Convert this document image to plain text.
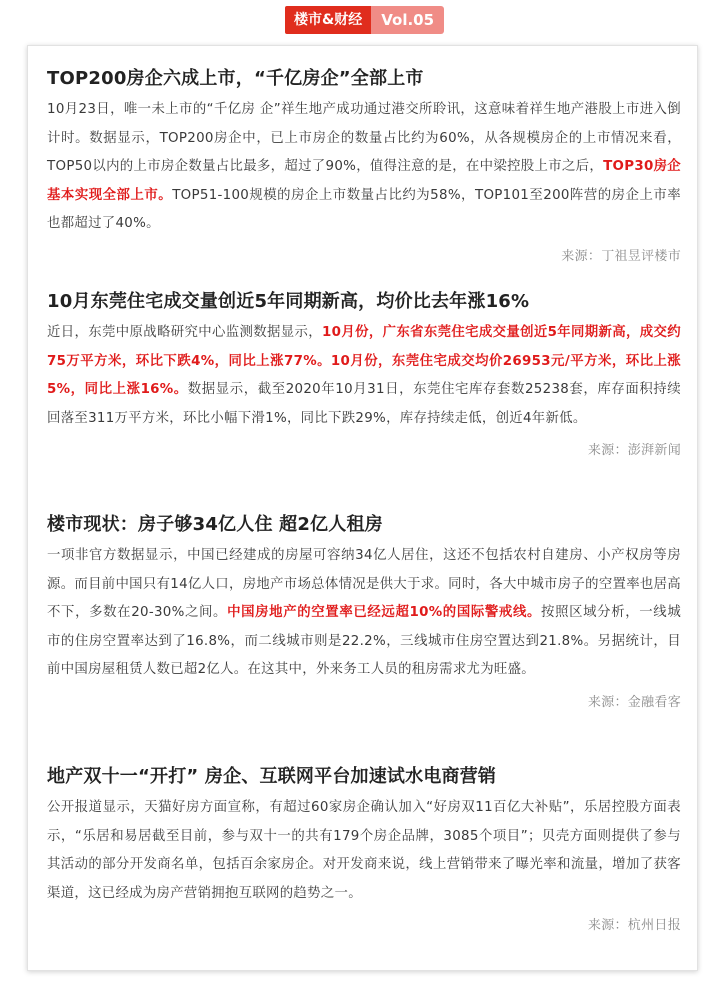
楼市&财经	Vol.05
TOP200房企六成上市，“千亿房企”全部上市

10月23日，唯一未上市的“千亿房 企”祥生地产成功通过港交所聆讯，这意味着祥生地产港股上市进入倒计时。数据显示，TOP200房企中，已上市房企的数量占比约为60%，从各规模房企的上市情况来看，TOP50以内的上市房企数量占比最多，超过了90%，值得注意的是，在中梁控股上市之后，TOP30房企基本实现全部上市。TOP51-100规模的房企上市数量占比约为58%，TOP101至200阵营的房企上市率也都超过了40%。

来源：丁祖昱评楼市
10月东莞住宅成交量创近5年同期新高，均价比去年涨16%

近日，东莞中原战略研究中心监测数据显示，10月份，广东省东莞住宅成交量创近5年同期新高，成交约75万平方米，环比下跌4%，同比上涨77%。10月份，东莞住宅成交均价26953元/平方米，环比上涨5%，同比上涨16%。数据显示，截至2020年10月31日，东莞住宅库存套数25238套，库存面积持续回落至311万平方米，环比小幅下滑1%，同比下跌29%，库存持续走低，创近4年新低。

来源：澎湃新闻
楼市现状：房子够34亿人住 超2亿人租房

一项非官方数据显示，中国已经建成的房屋可容纳34亿人居住，这还不包括农村自建房、小产权房等房源。而目前中国只有14亿人口，房地产市场总体情况是供大于求。同时，各大中城市房子的空置率也居高不下，多数在20-30%之间。中国房地产的空置率已经远超10%的国际警戒线。按照区域分析，一线城市的住房空置率达到了16.8%，而二线城市则是22.2%，三线城市住房空置达到21.8%。另据统计，目前中国房屋租赁人数已超2亿人。在这其中，外来务工人员的租房需求尤为旺盛。

来源：金融看客
地产双十一“开打” 房企、互联网平台加速试水电商营销

公开报道显示，天猫好房方面宣称，有超过60家房企确认加入“好房双11百亿大补贴”，乐居控股方面表示，“乐居和易居截至目前，参与双十一的共有179个房企品牌，3085个项目”；贝壳方面则提供了参与其活动的部分开发商名单，包括百余家房企。对开发商来说，线上营销带来了曝光率和流量，增加了获客渠道，这已经成为房产营销拥抱互联网的趋势之一。

来源：杭州日报
